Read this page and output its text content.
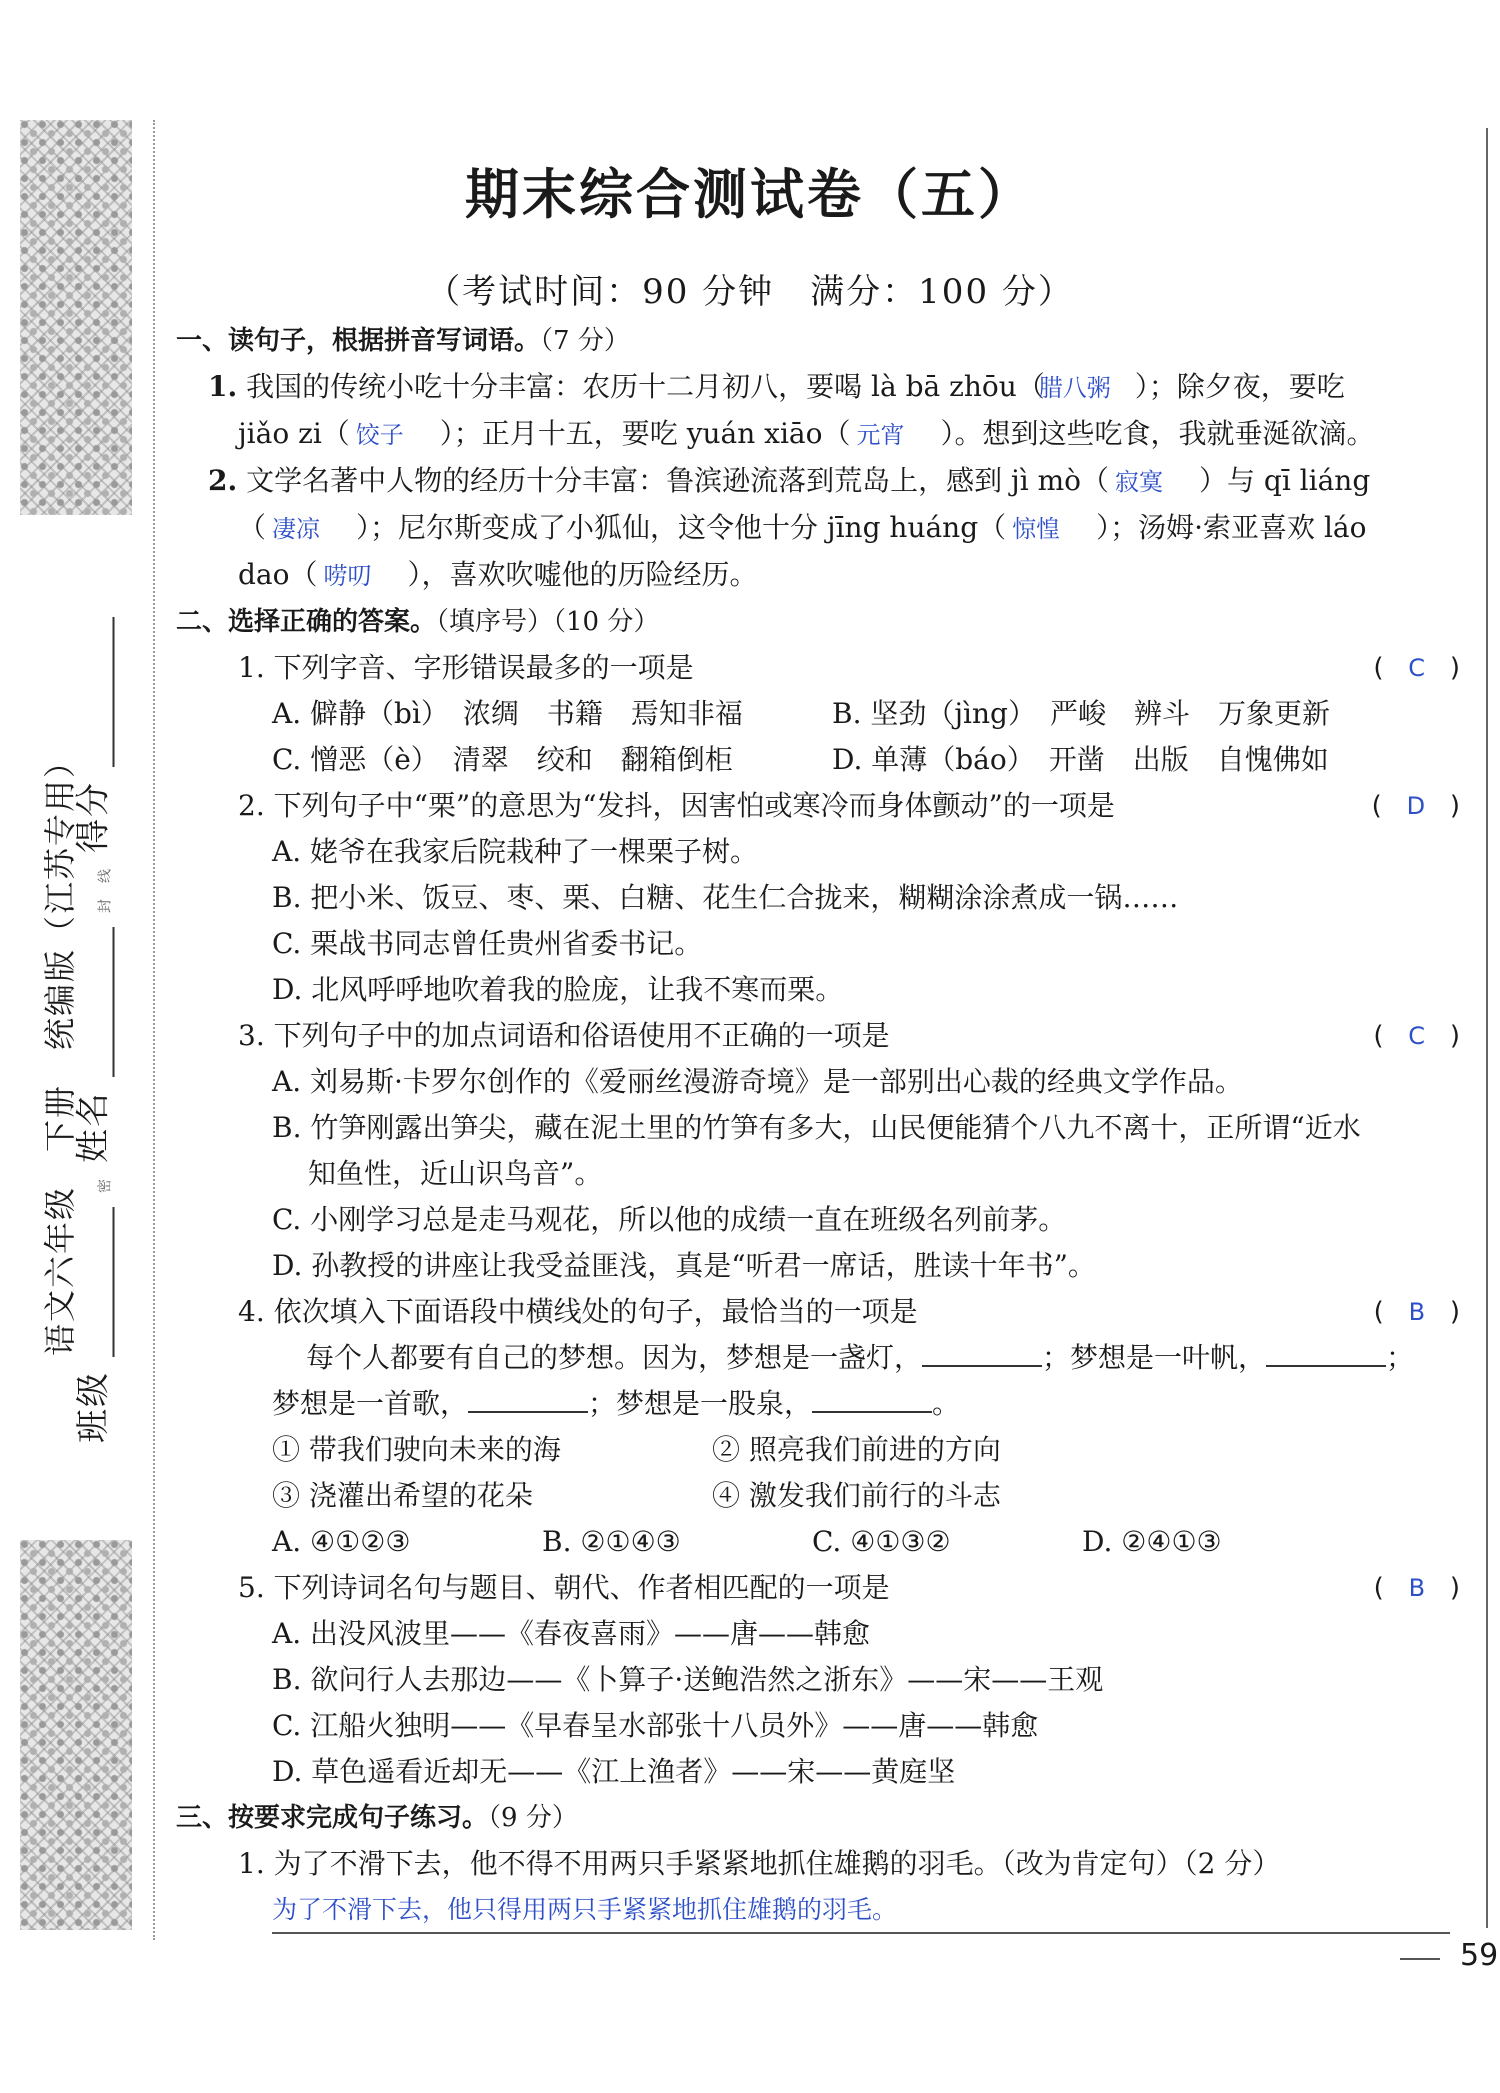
班级
密
姓名
封
线
得分
语文六年级　下册　统编版（江苏专用）
期末综合测试卷（五）
（考试时间：90 分钟　满分：100 分）

一、读句子，根据拼音写词语。（7 分）

1. 我国的传统小吃十分丰富：农历十二月初八，要喝 là bā zhōu（腊八粥 ）；除夕夜，要吃
jiǎo zi（ 饺子 ）；正月十五，要吃 yuán xiāo（ 元宵 ）。想到这些吃食，我就垂涎欲滴。

2. 文学名著中人物的经历十分丰富：鲁滨逊流落到荒岛上，感到 jì mò（ 寂寞 ）与 qī liáng
（ 凄凉 ）；尼尔斯变成了小狐仙，这令他十分 jīng huáng（ 惊惶 ）；汤姆·索亚喜欢 láo
dao（ 唠叨 ），喜欢吹嘘他的历险经历。

二、选择正确的答案。（填序号）（10 分）

1. 下列字音、字形错误最多的一项是	(   C   )
A. 僻静（bì）　浓绸　书籍　焉知非福	B. 坚劲（jìng）　严峻　辨斗　万象更新
C. 憎恶（è）　清翠　绞和　翻箱倒柜	D. 单薄（báo）　开凿　出版　自愧佛如
2. 下列句子中“栗”的意思为“发抖，因害怕或寒冷而身体颤动”的一项是	(   D   )

A. 姥爷在我家后院栽种了一棵栗子树。

B. 把小米、饭豆、枣、栗、白糖、花生仁合拢来，糊糊涂涂煮成一锅……

C. 栗战书同志曾任贵州省委书记。

D. 北风呼呼地吹着我的脸庞，让我不寒而栗。

3. 下列句子中的加点词语和俗语使用不正确的一项是	(   C   )

A. 刘易斯·卡罗尔创作的《爱丽丝漫游奇境》是一部别出心裁的经典文学作品。

B. 竹笋刚露出笋尖，藏在泥土里的竹笋有多大，山民便能猜个八九不离十，正所谓“近水

知鱼性，近山识鸟音”。

C. 小刚学习总是走马观花，所以他的成绩一直在班级名列前茅。

D. 孙教授的讲座让我受益匪浅，真是“听君一席话，胜读十年书”。

4. 依次填入下面语段中横线处的句子，最恰当的一项是	(   B   )
每个人都要有自己的梦想。因为，梦想是一盏灯，	；梦想是一叶帆，	；
梦想是一首歌，	；梦想是一股泉，	。
① 带我们驶向未来的海	② 照亮我们前进的方向
③ 浇灌出希望的花朵	④ 激发我们前行的斗志
A. ④①②③	B. ②①④③	C. ④①③②	D. ②④①③
5. 下列诗词名句与题目、朝代、作者相匹配的一项是	(   B   )

A. 出没风波里——《春夜喜雨》——唐——韩愈

B. 欲问行人去那边——《卜算子·送鲍浩然之浙东》——宋——王观

C. 江船火独明——《早春呈水部张十八员外》——唐——韩愈

D. 草色遥看近却无——《江上渔者》——宋——黄庭坚

三、按要求完成句子练习。（9 分）

1. 为了不滑下去，他不得不用两只手紧紧地抓住雄鹅的羽毛。（改为肯定句）（2 分）

为了不滑下去，他只得用两只手紧紧地抓住雄鹅的羽毛。
59
